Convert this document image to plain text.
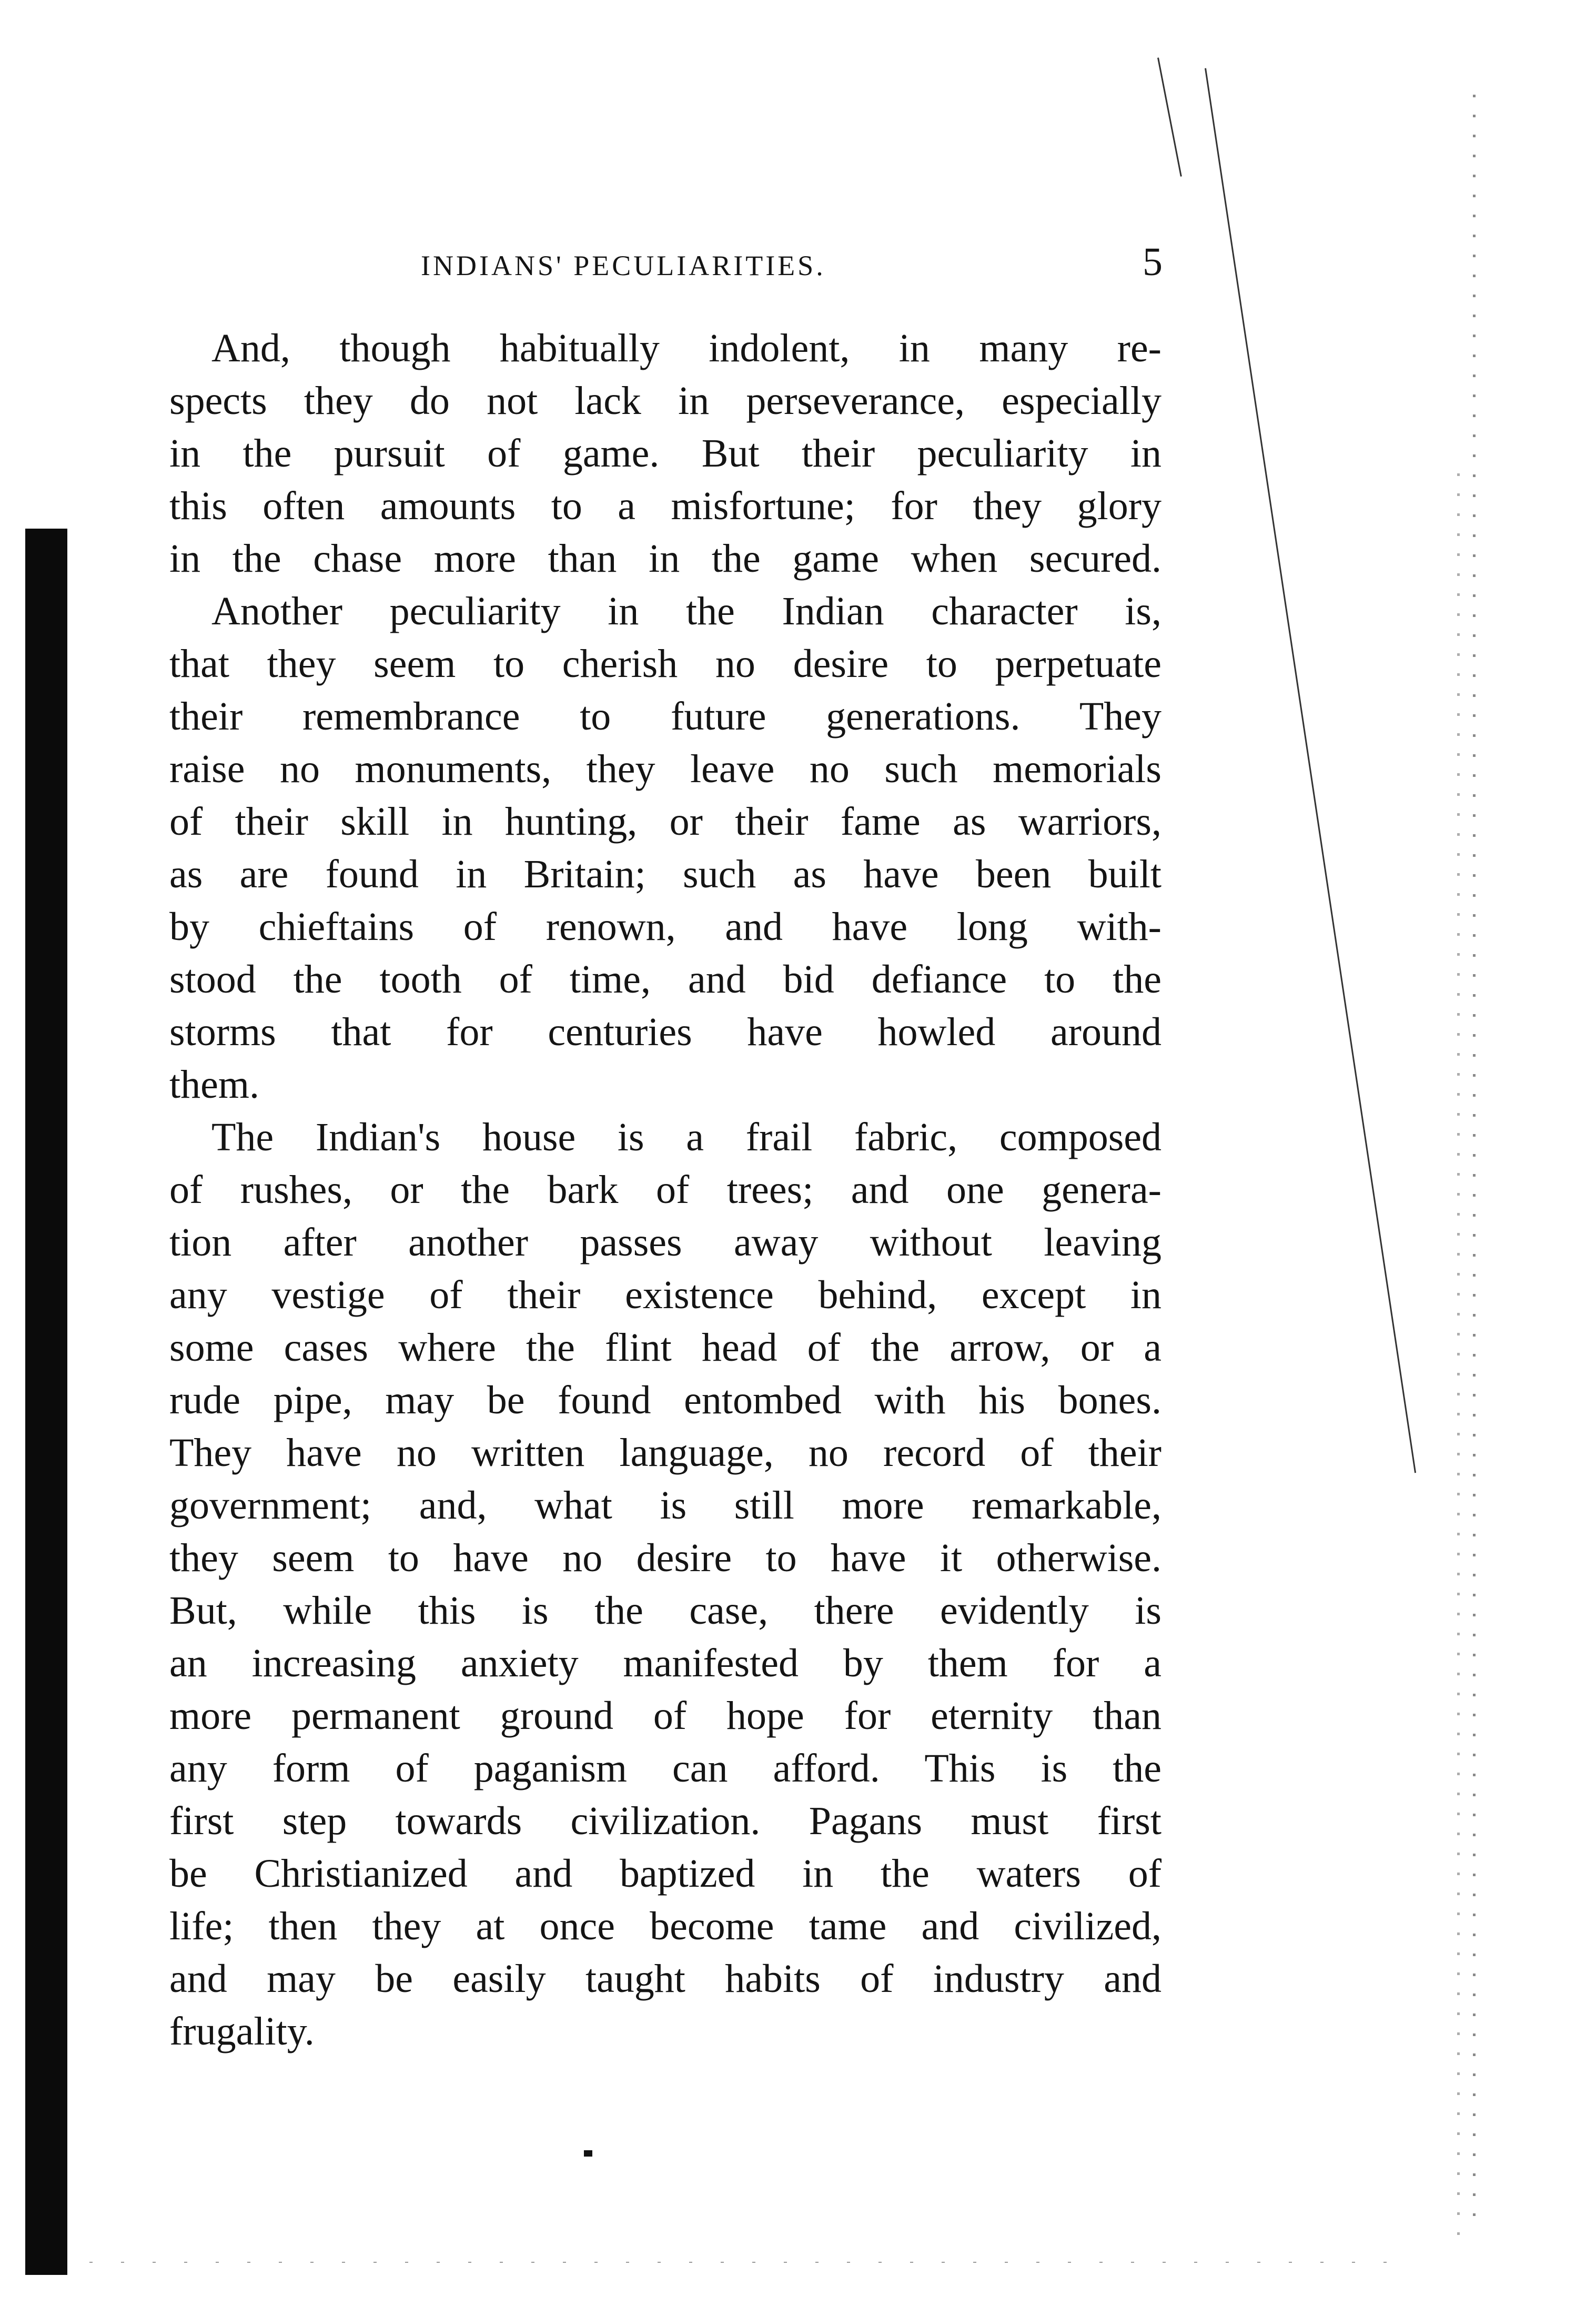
INDIANS' PECULIARITIES.	5
And, though habitually indolent, in many re-
spects they do not lack in perseverance, especially
in the pursuit of game. But their peculiarity in
this often amounts to a misfortune; for they glory
in the chase more than in the game when secured.
Another peculiarity in the Indian character is,
that they seem to cherish no desire to perpetuate
their remembrance to future generations. They
raise no monuments, they leave no such memorials
of their skill in hunting, or their fame as warriors,
as are found in Britain; such as have been built
by chieftains of renown, and have long with-
stood the tooth of time, and bid defiance to the
storms that for centuries have howled around
them.
The Indian's house is a frail fabric, composed
of rushes, or the bark of trees; and one genera-
tion after another passes away without leaving
any vestige of their existence behind, except in
some cases where the flint head of the arrow, or a
rude pipe, may be found entombed with his bones.
They have no written language, no record of their
government; and, what is still more remarkable,
they seem to have no desire to have it otherwise.
But, while this is the case, there evidently is
an increasing anxiety manifested by them for a
more permanent ground of hope for eternity than
any form of paganism can afford. This is the
first step towards civilization. Pagans must first
be Christianized and baptized in the waters of
life; then they at once become tame and civilized,
and may be easily taught habits of industry and
frugality.
